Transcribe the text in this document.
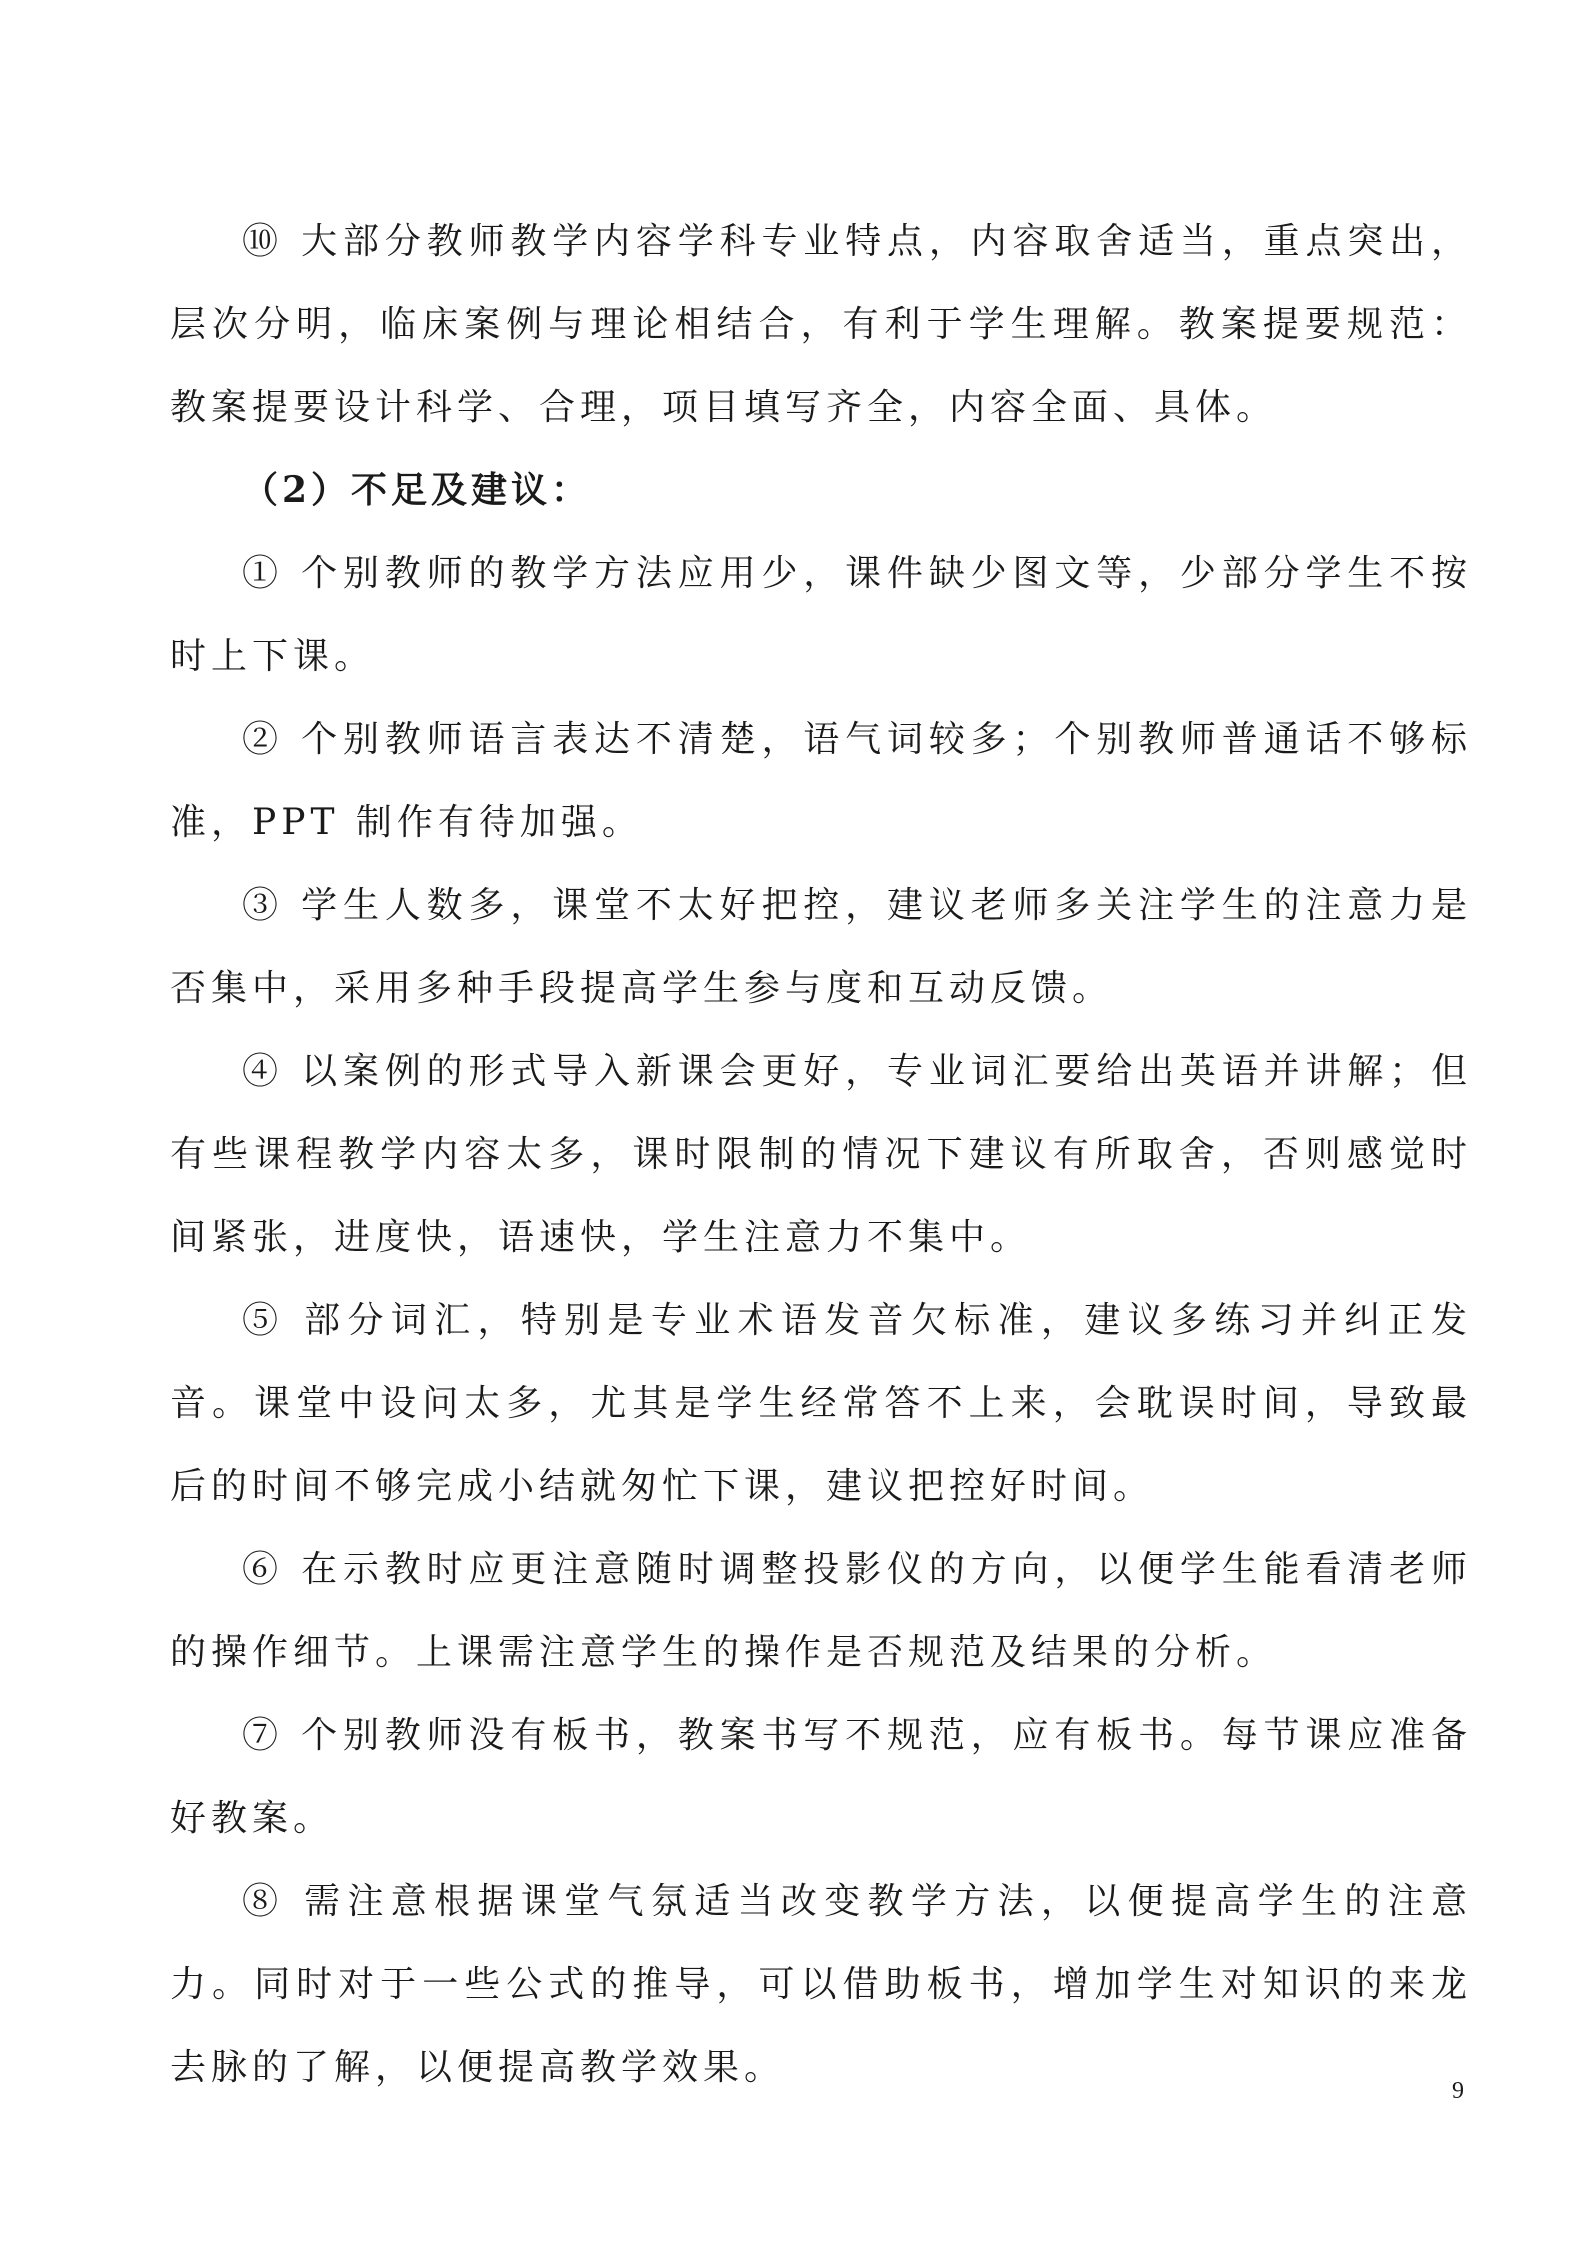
⑩ 大部分教师教学内容学科专业特点，内容取舍适当，重点突出，层次分明，临床案例与理论相结合，有利于学生理解。教案提要规范：教案提要设计科学、合理，项目填写齐全，内容全面、具体。

（2）不足及建议：

① 个别教师的教学方法应用少，课件缺少图文等，少部分学生不按时上下课。

② 个别教师语言表达不清楚，语气词较多；个别教师普通话不够标准，PPT 制作有待加强。

③ 学生人数多，课堂不太好把控，建议老师多关注学生的注意力是否集中，采用多种手段提高学生参与度和互动反馈。

④ 以案例的形式导入新课会更好，专业词汇要给出英语并讲解；但有些课程教学内容太多，课时限制的情况下建议有所取舍，否则感觉时间紧张，进度快，语速快，学生注意力不集中。

⑤ 部分词汇，特别是专业术语发音欠标准，建议多练习并纠正发音。课堂中设问太多，尤其是学生经常答不上来，会耽误时间，导致最后的时间不够完成小结就匆忙下课，建议把控好时间。

⑥ 在示教时应更注意随时调整投影仪的方向，以便学生能看清老师的操作细节。上课需注意学生的操作是否规范及结果的分析。

⑦ 个别教师没有板书，教案书写不规范，应有板书。每节课应准备好教案。

⑧ 需注意根据课堂气氛适当改变教学方法，以便提高学生的注意力。同时对于一些公式的推导，可以借助板书，增加学生对知识的来龙去脉的了解，以便提高教学效果。

9
